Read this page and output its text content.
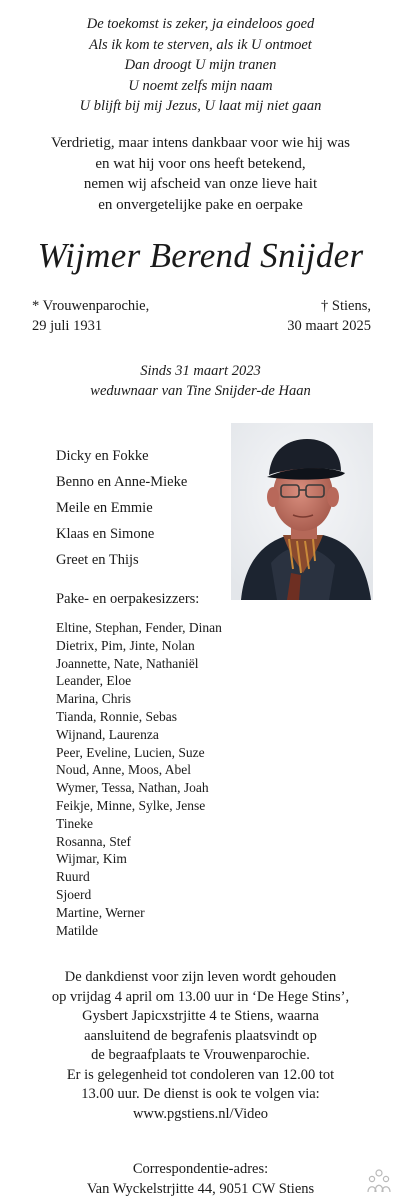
De toekomst is zeker, ja eindeloos goed
Als ik kom te sterven, als ik U ontmoet
Dan droogt U mijn tranen
U noemt zelfs mijn naam
U blijft bij mij Jezus, U laat mij niet gaan
Verdrietig, maar intens dankbaar voor wie hij was
en wat hij voor ons heeft betekend,
nemen wij afscheid van onze lieve hait
en onvergetelijke pake en oerpake
Wijmer Berend Snijder
* Vrouwenparochie,
29 juli 1931
† Stiens,
30 maart 2025
Sinds 31 maart 2023
weduwnaar van Tine Snijder-de Haan
Dicky en Fokke
Benno en Anne-Mieke
Meile en Emmie
Klaas en Simone
Greet en Thijs
Pake- en oerpakesizzers:
Eltine, Stephan, Fender, Dinan
Dietrix, Pim, Jinte, Nolan
Joannette, Nate, Nathaniël
Leander, Eloe
Marina, Chris
Tianda, Ronnie, Sebas
Wijnand, Laurenza
Peer, Eveline, Lucien, Suze
Noud, Anne, Moos, Abel
Wymer, Tessa, Nathan, Joah
Feikje, Minne, Sylke, Jense
Tineke
Rosanna, Stef
Wijmar, Kim
Ruurd
Sjoerd
Martine, Werner
Matilde
De dankdienst voor zijn leven wordt gehouden
op vrijdag 4 april om 13.00 uur in ‘De Hege Stins’,
Gysbert Japicxstrjitte 4 te Stiens, waarna
aansluitend de begrafenis plaatsvindt op
de begraafplaats te Vrouwenparochie.
Er is gelegenheid tot condoleren van 12.00 tot
13.00 uur. De dienst is ook te volgen via:
www.pgstiens.nl/Video
Correspondentie-adres:
Van Wyckelstrjitte 44, 9051 CW Stiens
